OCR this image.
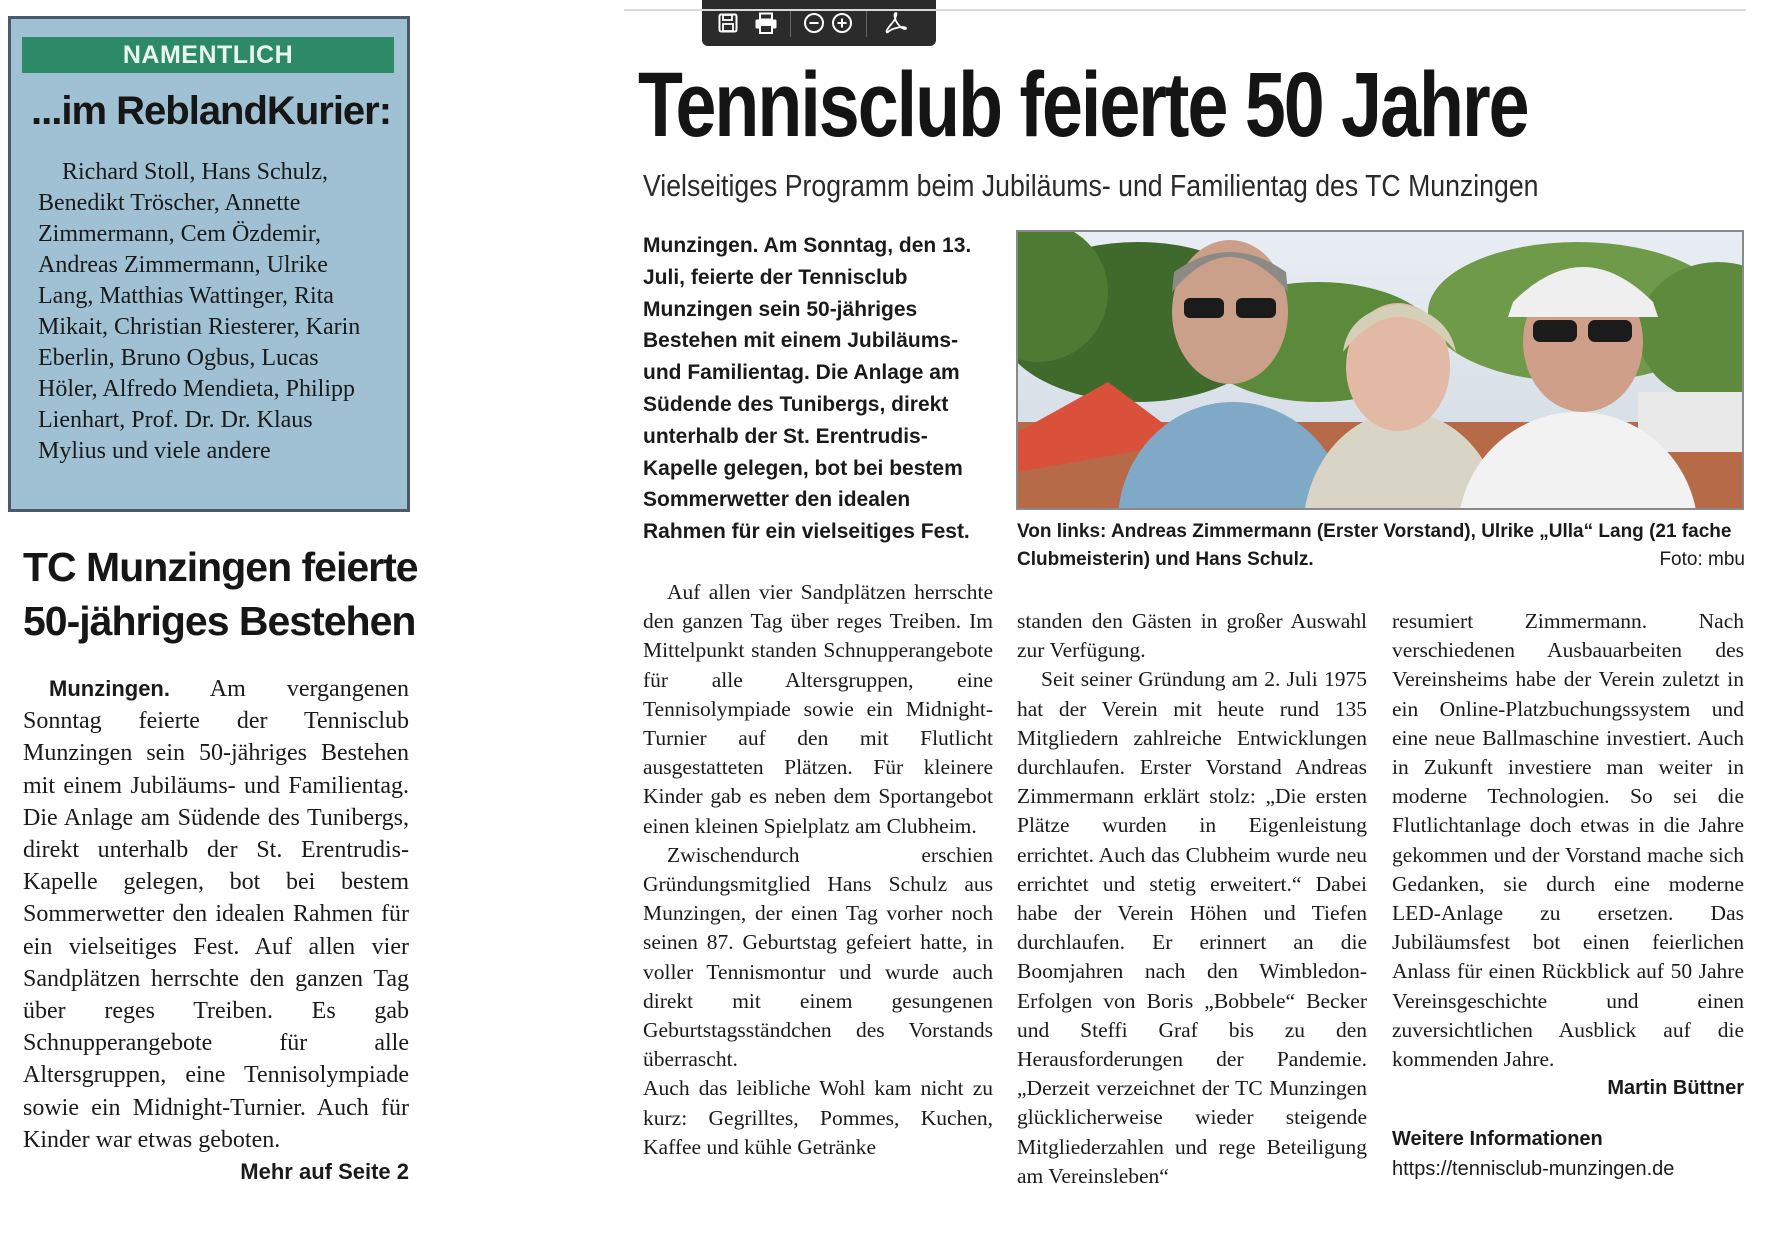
NAMENTLICH
...im ReblandKurier:
Richard Stoll, Hans Schulz, Benedikt Tröscher, Annette Zimmermann, Cem Özdemir, Andreas Zimmermann, Ulrike Lang, Matthias Wattinger, Rita Mikait, Christian Riesterer, Karin Eberlin, Bruno Ogbus, Lucas Höler, Alfredo Mendieta, Philipp Lienhart, Prof. Dr. Dr. Klaus Mylius und viele andere
TC Munzingen feierte 50-jähriges Bestehen
Munzingen. Am vergangenen Sonntag feierte der Tennisclub Munzingen sein 50-jähriges Bestehen mit einem Jubiläums- und Familientag. Die Anlage am Südende des Tunibergs, direkt unterhalb der St. Erentrudis-Kapelle gelegen, bot bei bestem Sommerwetter den idealen Rahmen für ein vielseitiges Fest. Auf allen vier Sandplätzen herrschte den ganzen Tag über reges Treiben. Es gab Schnupperangebote für alle Altersgruppen, eine Tennisolympiade sowie ein Midnight-Turnier. Auch für Kinder war etwas geboten.
Mehr auf Seite 2
Tennisclub feierte 50 Jahre
Vielseitiges Programm beim Jubiläums- und Familientag des TC Munzingen
Munzingen. Am Sonntag, den 13. Juli, feierte der Tennisclub Munzingen sein 50-jähriges Bestehen mit einem Jubiläums- und Familientag. Die Anlage am Südende des Tunibergs, direkt unterhalb der St. Erentrudis-Kapelle gelegen, bot bei bestem Sommerwetter den idealen Rahmen für ein vielseitiges Fest.	Von links: Andreas Zimmermann (Erster Vorstand), Ulrike „Ulla“ Lang (21 fache Clubmeisterin) und Hans Schulz.	Foto: mbu

Auf allen vier Sandplätzen herrschte den ganzen Tag über reges Treiben. Im Mittelpunkt standen Schnupperangebote für alle Altersgruppen, eine Tennisolympiade sowie ein Midnight-Turnier auf den mit Flutlicht ausgestatteten Plätzen. Für kleinere Kinder gab es neben dem Sportangebot einen kleinen Spielplatz am Clubheim.

Zwischendurch erschien Gründungsmitglied Hans Schulz aus Munzingen, der einen Tag vorher noch seinen 87. Geburtstag gefeiert hatte, in voller Tennismontur und wurde auch direkt mit einem gesungenen Geburtstagsständchen des Vorstands überrascht.

Auch das leibliche Wohl kam nicht zu kurz: Gegrilltes, Pommes, Kuchen, Kaffee und kühle Getränke

standen den Gästen in großer Auswahl zur Verfügung.

Seit seiner Gründung am 2. Juli 1975 hat der Verein mit heute rund 135 Mitgliedern zahlreiche Entwicklungen durchlaufen. Erster Vorstand Andreas Zimmermann erklärt stolz: „Die ersten Plätze wurden in Eigenleistung errichtet. Auch das Clubheim wurde neu errichtet und stetig erweitert.“ Dabei habe der Verein Höhen und Tiefen durchlaufen. Er erinnert an die Boomjahren nach den Wimbledon-Erfolgen von Boris „Bobbele“ Becker und Steffi Graf bis zu den Herausforderungen der Pandemie. „Derzeit verzeichnet der TC Munzingen glücklicherweise wieder steigende Mitgliederzahlen und rege Beteiligung am Vereinsleben“

resumiert Zimmermann. Nach verschiedenen Ausbauarbeiten des Vereinsheims habe der Verein zuletzt in ein Online-Platzbuchungssystem und eine neue Ballmaschine investiert. Auch in Zukunft investiere man weiter in moderne Technologien. So sei die Flutlichtanlage doch etwas in die Jahre gekommen und der Vorstand mache sich Gedanken, sie durch eine moderne LED-Anlage zu ersetzen. Das Jubiläumsfest bot einen feierlichen Anlass für einen Rückblick auf 50 Jahre Vereinsgeschichte und einen zuversichtlichen Ausblick auf die kommenden Jahre.

Martin Büttner
Weitere Informationen
https://tennisclub-munzingen.de
